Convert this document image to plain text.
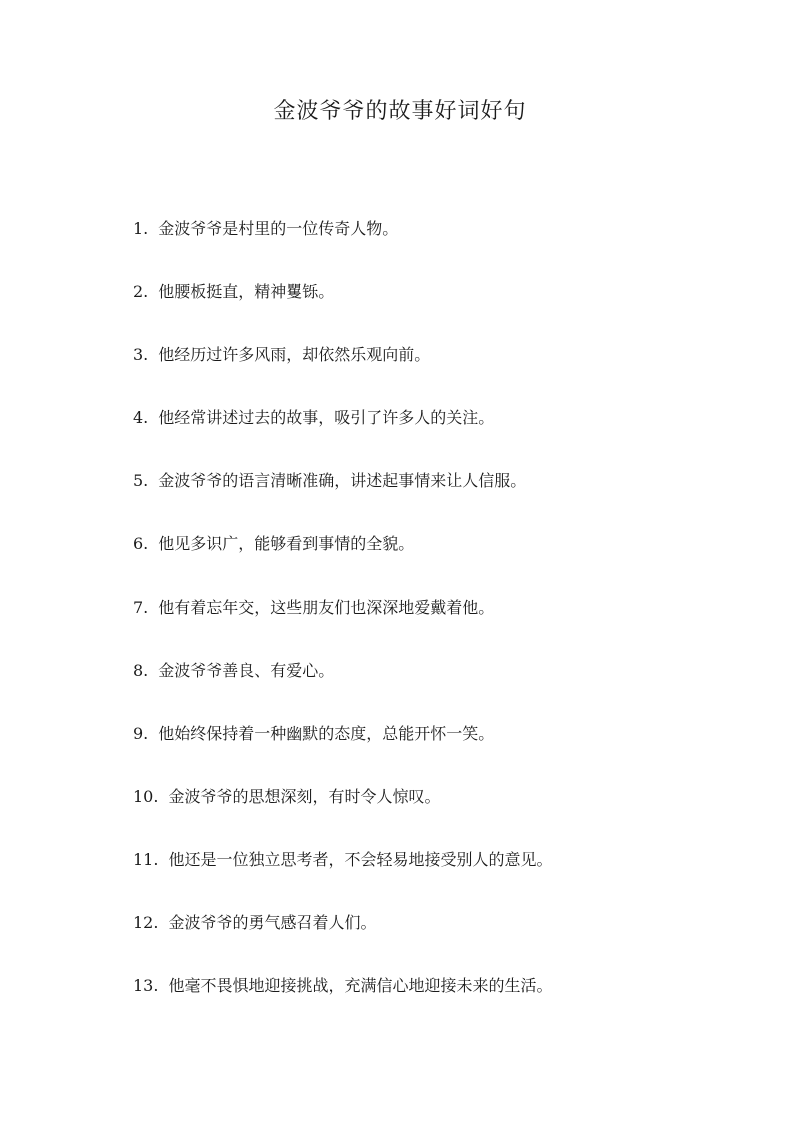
金波爷爷的故事好词好句
1. 金波爷爷是村里的一位传奇人物。
2. 他腰板挺直，精神矍铄。
3. 他经历过许多风雨，却依然乐观向前。
4. 他经常讲述过去的故事，吸引了许多人的关注。
5. 金波爷爷的语言清晰准确，讲述起事情来让人信服。
6. 他见多识广，能够看到事情的全貌。
7. 他有着忘年交，这些朋友们也深深地爱戴着他。
8. 金波爷爷善良、有爱心。
9. 他始终保持着一种幽默的态度，总能开怀一笑。
10. 金波爷爷的思想深刻，有时令人惊叹。
11. 他还是一位独立思考者，不会轻易地接受别人的意见。
12. 金波爷爷的勇气感召着人们。
13. 他毫不畏惧地迎接挑战，充满信心地迎接未来的生活。
